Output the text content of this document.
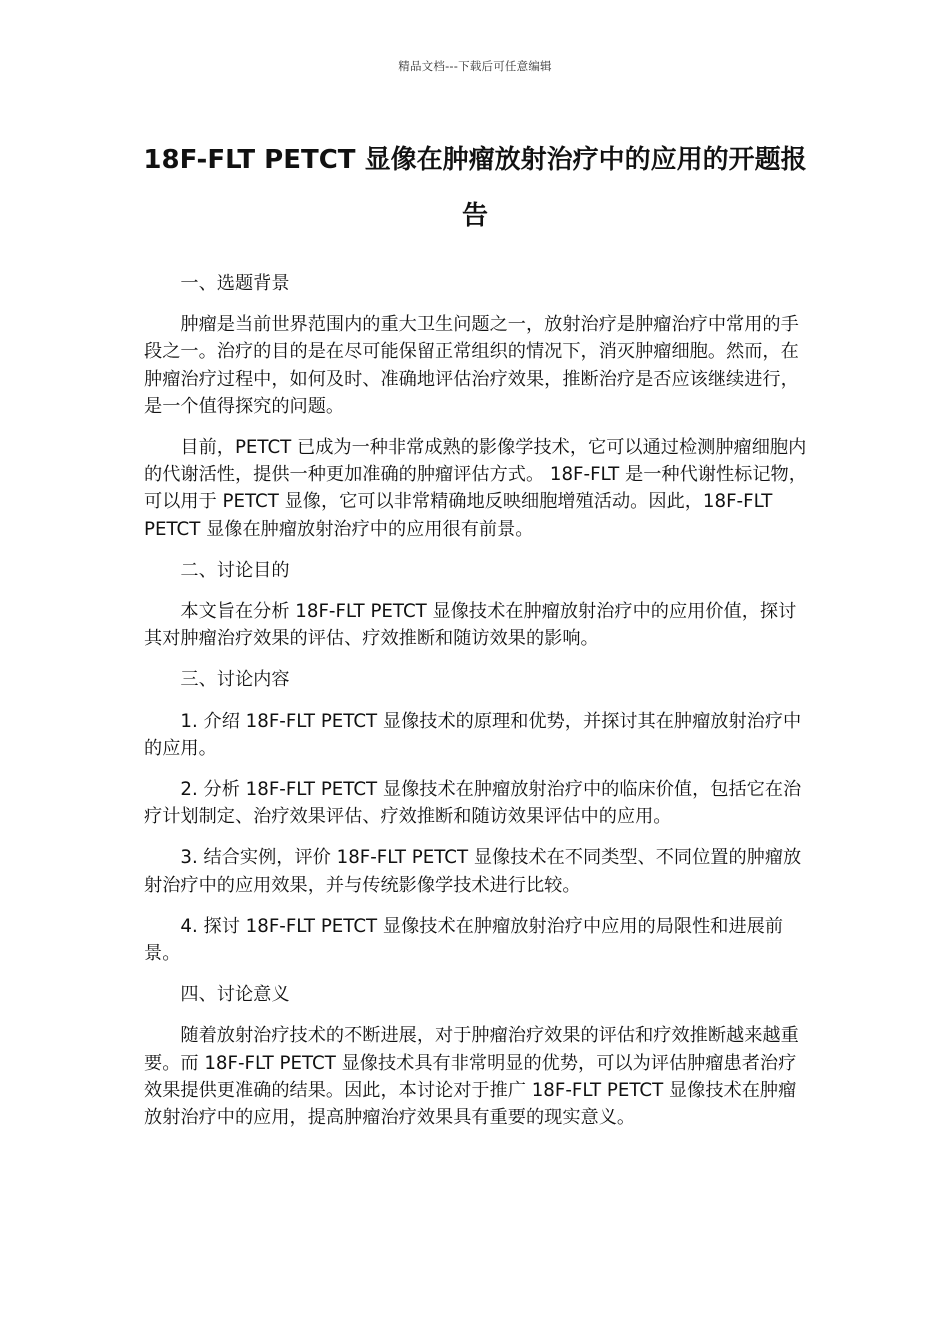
精品文档---下载后可任意编辑
18F-FLT PETCT 显像在肿瘤放射治疗中的应用的开题报告

一、选题背景

肿瘤是当前世界范围内的重大卫生问题之一，放射治疗是肿瘤治疗中常用的手段之一。治疗的目的是在尽可能保留正常组织的情况下，消灭肿瘤细胞。然而，在肿瘤治疗过程中，如何及时、准确地评估治疗效果，推断治疗是否应该继续进行，是一个值得探究的问题。

目前，PETCT 已成为一种非常成熟的影像学技术，它可以通过检测肿瘤细胞内的代谢活性，提供一种更加准确的肿瘤评估方式。 18F-FLT 是一种代谢性标记物，可以用于 PETCT 显像，它可以非常精确地反映细胞增殖活动。因此，18F-FLT PETCT 显像在肿瘤放射治疗中的应用很有前景。

二、讨论目的

本文旨在分析 18F-FLT PETCT 显像技术在肿瘤放射治疗中的应用价值，探讨其对肿瘤治疗效果的评估、疗效推断和随访效果的影响。

三、讨论内容

1. 介绍 18F-FLT PETCT 显像技术的原理和优势，并探讨其在肿瘤放射治疗中的应用。

2. 分析 18F-FLT PETCT 显像技术在肿瘤放射治疗中的临床价值，包括它在治疗计划制定、治疗效果评估、疗效推断和随访效果评估中的应用。

3. 结合实例，评价 18F-FLT PETCT 显像技术在不同类型、不同位置的肿瘤放射治疗中的应用效果，并与传统影像学技术进行比较。

4. 探讨 18F-FLT PETCT 显像技术在肿瘤放射治疗中应用的局限性和进展前景。

四、讨论意义

随着放射治疗技术的不断进展，对于肿瘤治疗效果的评估和疗效推断越来越重要。而 18F-FLT PETCT 显像技术具有非常明显的优势，可以为评估肿瘤患者治疗效果提供更准确的结果。因此，本讨论对于推广 18F-FLT PETCT 显像技术在肿瘤放射治疗中的应用，提高肿瘤治疗效果具有重要的现实意义。
